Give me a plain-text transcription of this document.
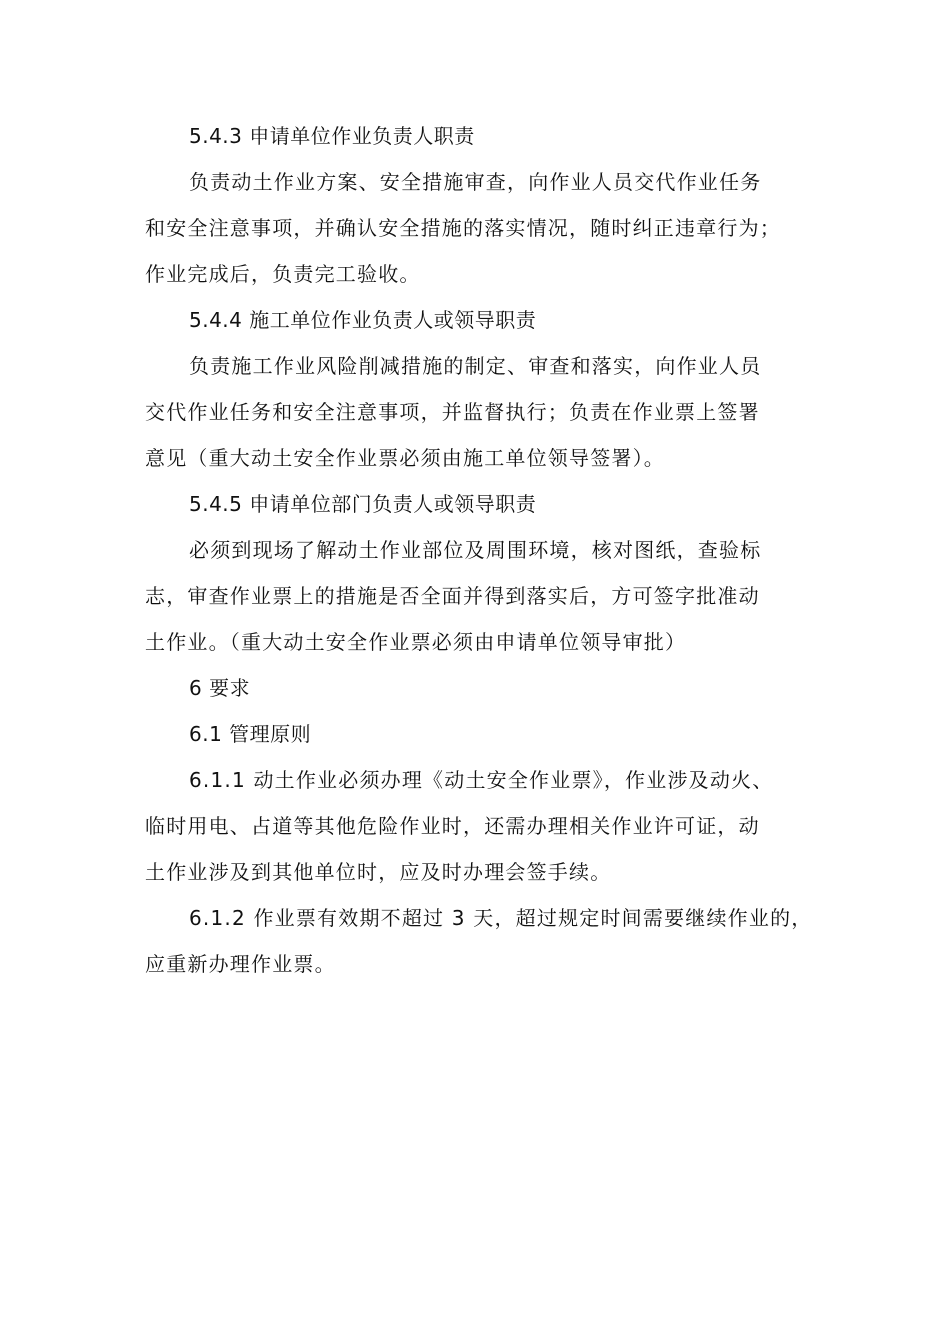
5.4.3 申请单位作业负责人职责
负责动土作业方案、安全措施审查，向作业人员交代作业任务
和安全注意事项，并确认安全措施的落实情况，随时纠正违章行为；
作业完成后，负责完工验收。
5.4.4 施工单位作业负责人或领导职责
负责施工作业风险削减措施的制定、审查和落实，向作业人员
交代作业任务和安全注意事项，并监督执行；负责在作业票上签署
意见（重大动土安全作业票必须由施工单位领导签署）。
5.4.5 申请单位部门负责人或领导职责
必须到现场了解动土作业部位及周围环境，核对图纸，查验标
志，审查作业票上的措施是否全面并得到落实后，方可签字批准动
土作业。（重大动土安全作业票必须由申请单位领导审批）
6 要求
6.1 管理原则
6.1.1 动土作业必须办理《动土安全作业票》，作业涉及动火、
临时用电、占道等其他危险作业时，还需办理相关作业许可证，动
土作业涉及到其他单位时，应及时办理会签手续。
6.1.2 作业票有效期不超过 3 天，超过规定时间需要继续作业的，
应重新办理作业票。
